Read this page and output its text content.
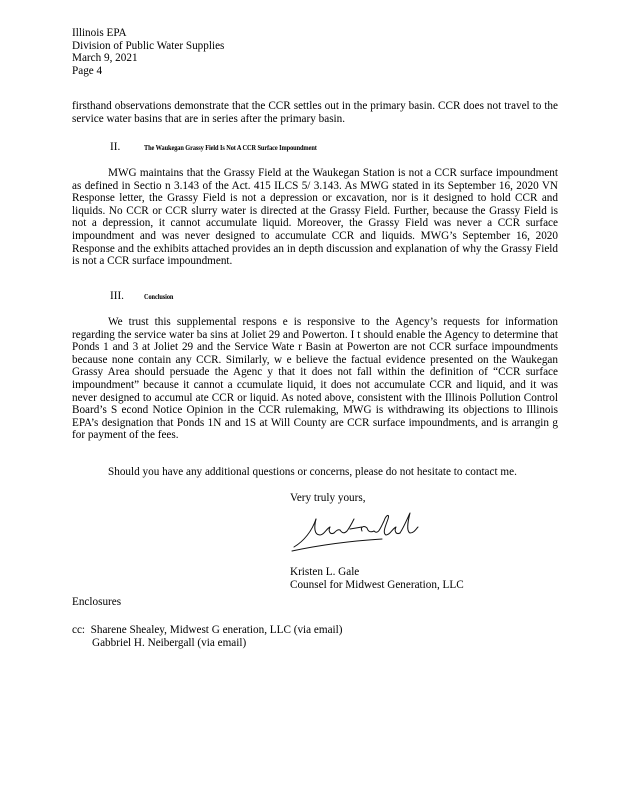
Illinois EPA
Division of Public Water Supplies
March 9, 2021
Page 4
firsthand observations demonstrate that the CCR settles out in the primary basin. CCR does not travel to the service water basins that are in series after the primary basin.
II.	The Waukegan Grassy Field Is Not A CCR Surface Impoundment
MWG maintains that the Grassy Field at the Waukegan Station is not a CCR surface impoundment as defined in Sectio n 3.143 of the Act. 415 ILCS 5/ 3.143. As MWG stated in its September 16, 2020 VN Response letter, the Grassy Field is not a depression or excavation, nor is it designed to hold CCR and liquids. No CCR or CCR slurry water is directed at the Grassy Field. Further, because the Grassy Field is not a depression, it cannot accumulate liquid. Moreover, the Grassy Field was never a CCR surface impoundment and was never designed to accumulate CCR and liquids. MWG’s September 16, 2020 Response and the exhibits attached provides an in depth discussion and explanation of why the Grassy Field is not a CCR surface impoundment.
III.	Conclusion
We trust this supplemental respons e is responsive to the Agency’s requests for information regarding the service water ba sins at Joliet 29 and Powerton. I t should enable the Agency to determine that Ponds 1 and 3 at Joliet 29 and the Service Wate r Basin at Powerton are not CCR surface impoundments because none contain any CCR. Similarly, w e believe the factual evidence presented on the Waukegan Grassy Area should persuade the Agenc y that it does not fall within the definition of “CCR surface impoundment” because it cannot a ccumulate liquid, it does not accumulate CCR and liquid, and it was never designed to accumul ate CCR or liquid. As noted above, consistent with the Illinois Pollution Control Board’s S econd Notice Opinion in the CCR rulemaking, MWG is withdrawing its objections to Illinois EPA’s designation that Ponds 1N and 1S at Will County are CCR surface impoundments, and is arrangin g for payment of the fees.
Should you have any additional questions or concerns, please do not hesitate to contact me.
Very truly yours,
Kristen L. Gale
Counsel for Midwest Generation, LLC
Enclosures
cc: Sharene Shealey, Midwest G eneration, LLC (via email)
Gabbriel H. Neibergall (via email)
